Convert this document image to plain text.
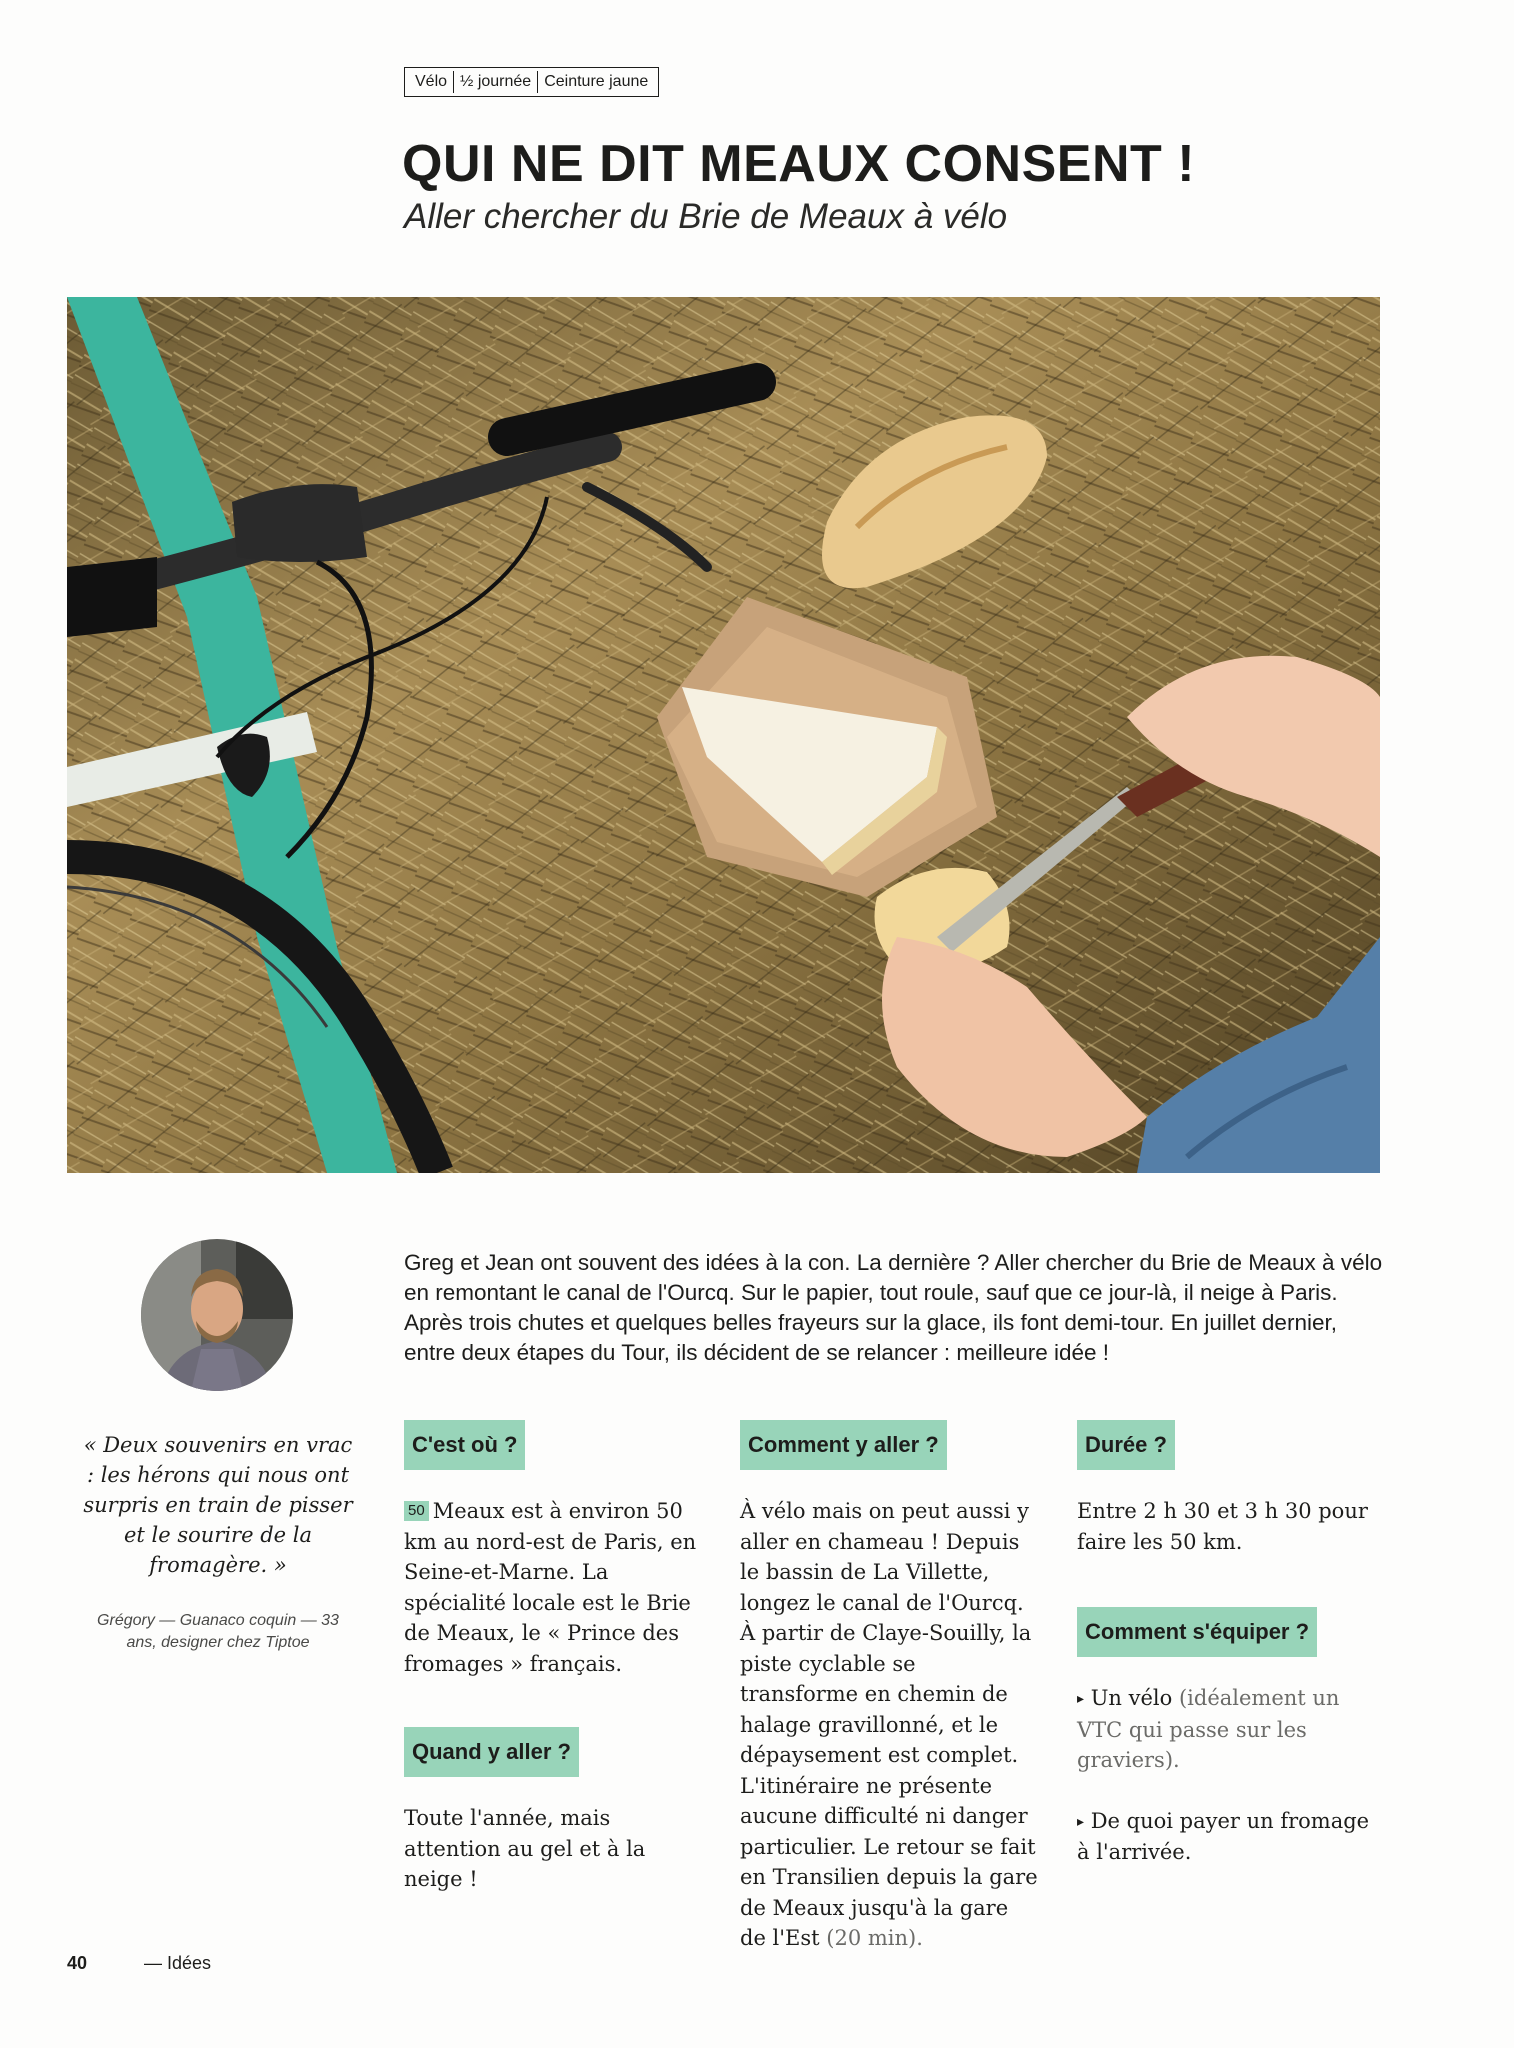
Vélo ½ journée Ceinture jaune
QUI NE DIT MEAUX CONSENT !
Aller chercher du Brie de Meaux à vélo

« Deux souvenirs en vrac : les hérons qui nous ont surpris en train de pisser et le sourire de la fromagère. »

Grégory — Guanaco coquin — 33 ans, designer chez Tiptoe

Greg et Jean ont souvent des idées à la con. La dernière ? Aller chercher du Brie de Meaux à vélo en remontant le canal de l'Ourcq. Sur le papier, tout roule, sauf que ce jour-là, il neige à Paris. Après trois chutes et quelques belles frayeurs sur la glace, ils font demi-tour. En juillet dernier, entre deux étapes du Tour, ils décident de se relancer : meilleure idée !

C'est où ?

50 Meaux est à environ 50 km au nord-est de Paris, en Seine-et-Marne. La spécialité locale est le Brie de Meaux, le « Prince des fromages » français.

Quand y aller ?

Toute l'année, mais attention au gel et à la neige !

Comment y aller ?

À vélo mais on peut aussi y aller en chameau ! Depuis le bassin de La Villette, longez le canal de l'Ourcq. À partir de Claye-Souilly, la piste cyclable se transforme en chemin de halage gravillonné, et le dépaysement est complet. L'itinéraire ne présente aucune difficulté ni danger particulier. Le retour se fait en Transilien depuis la gare de Meaux jusqu'à la gare de l'Est (20 min).

Durée ?

Entre 2 h 30 et 3 h 30 pour faire les 50 km.

Comment s'équiper ?

▸ Un vélo (idéalement un VTC qui passe sur les graviers).

▸ De quoi payer un fromage à l'arrivée.

40	— Idées
